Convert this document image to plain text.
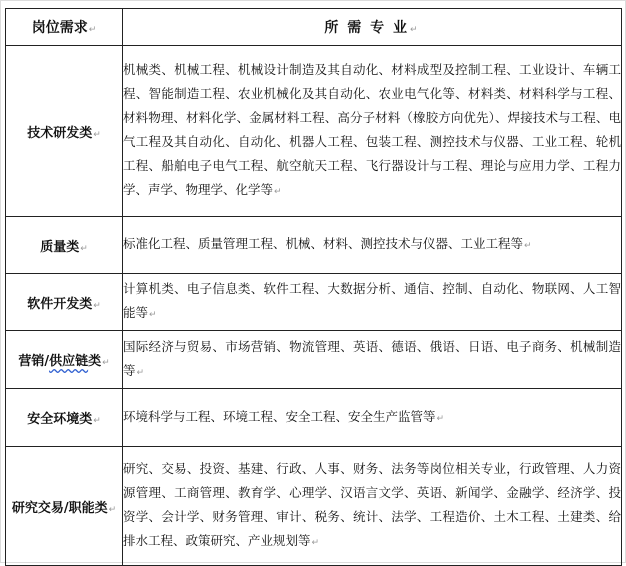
岗位需求↵	所 需 专 业↵
技术研发类↵	机械类、机械工程、机械设计制造及其自动化、材料成型及控制工程、工业设计、车辆工程、智能制造工程、农业机械化及其自动化、农业电气化等、材料类、材料科学与工程、材料物理、材料化学、金属材料工程、高分子材料（橡胶方向优先）、焊接技术与工程、电气工程及其自动化、自动化、机器人工程、包装工程、测控技术与仪器、工业工程、轮机工程、船舶电子电气工程、航空航天工程、飞行器设计与工程、理论与应用力学、工程力学、声学、物理学、化学等↵
质量类↵	标准化工程、质量管理工程、机械、材料、测控技术与仪器、工业工程等↵
软件开发类↵	计算机类、电子信息类、软件工程、大数据分析、通信、控制、自动化、物联网、人工智能等↵
营销/供应链类↵	国际经济与贸易、市场营销、物流管理、英语、德语、俄语、日语、电子商务、机械制造等↵
安全环境类↵	环境科学与工程、环境工程、安全工程、安全生产监管等↵
研究交易/职能类↵	研究、交易、投资、基建、行政、人事、财务、法务等岗位相关专业，行政管理、人力资源管理、工商管理、教育学、心理学、汉语言文学、英语、新闻学、金融学、经济学、投资学、会计学、财务管理、审计、税务、统计、法学、工程造价、土木工程、土建类、给排水工程、政策研究、产业规划等↵
